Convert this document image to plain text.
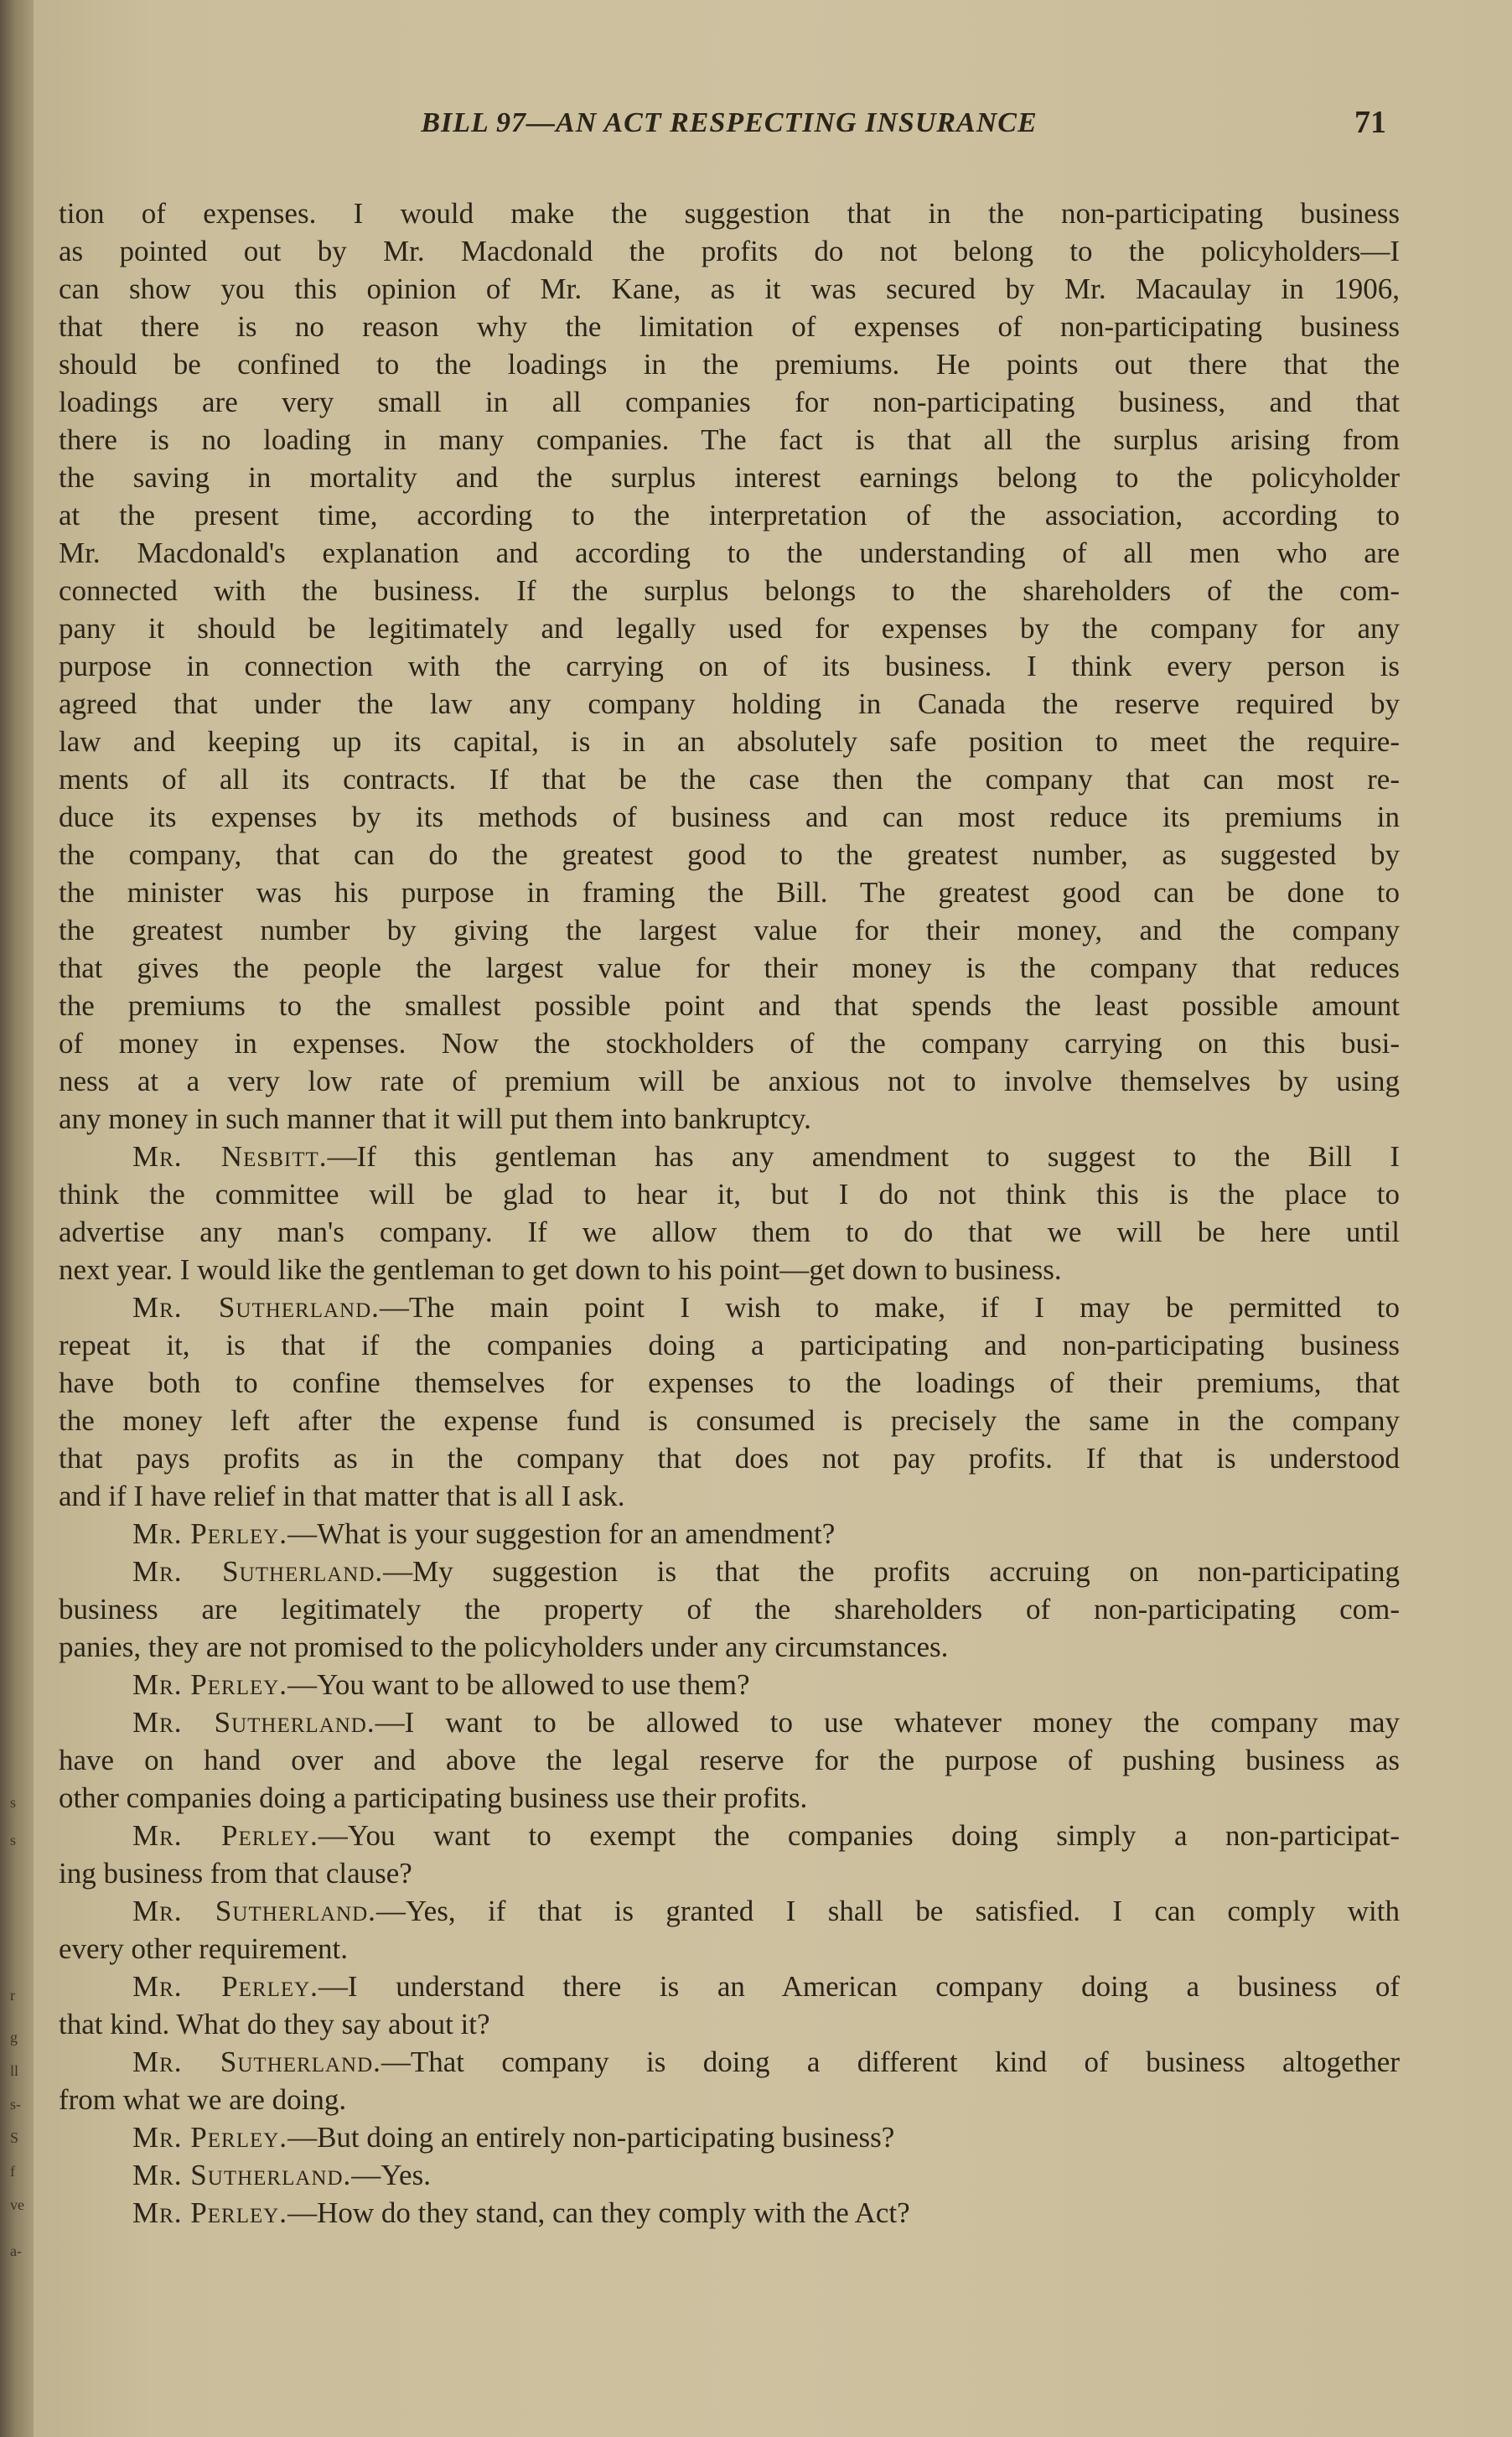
s
s
r
g
ll
s-
S
f
ve
a-
BILL 97—AN ACT RESPECTING INSURANCE	71
tion of expenses. I would make the suggestion that in the non-participating business
as pointed out by Mr. Macdonald the profits do not belong to the policyholders—I
can show you this opinion of Mr. Kane, as it was secured by Mr. Macaulay in 1906,
that there is no reason why the limitation of expenses of non-participating business
should be confined to the loadings in the premiums. He points out there that the
loadings are very small in all companies for non-participating business, and that
there is no loading in many companies. The fact is that all the surplus arising from
the saving in mortality and the surplus interest earnings belong to the policyholder
at the present time, according to the interpretation of the association, according to
Mr. Macdonald's explanation and according to the understanding of all men who are
connected with the business. If the surplus belongs to the shareholders of the com-
pany it should be legitimately and legally used for expenses by the company for any
purpose in connection with the carrying on of its business. I think every person is
agreed that under the law any company holding in Canada the reserve required by
law and keeping up its capital, is in an absolutely safe position to meet the require-
ments of all its contracts. If that be the case then the company that can most re-
duce its expenses by its methods of business and can most reduce its premiums in
the company, that can do the greatest good to the greatest number, as suggested by
the minister was his purpose in framing the Bill. The greatest good can be done to
the greatest number by giving the largest value for their money, and the company
that gives the people the largest value for their money is the company that reduces
the premiums to the smallest possible point and that spends the least possible amount
of money in expenses. Now the stockholders of the company carrying on this busi-
ness at a very low rate of premium will be anxious not to involve themselves by using
any money in such manner that it will put them into bankruptcy.
Mr. Nesbitt.—If this gentleman has any amendment to suggest to the Bill I
think the committee will be glad to hear it, but I do not think this is the place to
advertise any man's company. If we allow them to do that we will be here until
next year. I would like the gentleman to get down to his point—get down to business.
Mr. Sutherland.—The main point I wish to make, if I may be permitted to
repeat it, is that if the companies doing a participating and non-participating business
have both to confine themselves for expenses to the loadings of their premiums, that
the money left after the expense fund is consumed is precisely the same in the company
that pays profits as in the company that does not pay profits. If that is understood
and if I have relief in that matter that is all I ask.
Mr. Perley.—What is your suggestion for an amendment?
Mr. Sutherland.—My suggestion is that the profits accruing on non-participating
business are legitimately the property of the shareholders of non-participating com-
panies, they are not promised to the policyholders under any circumstances.
Mr. Perley.—You want to be allowed to use them?
Mr. Sutherland.—I want to be allowed to use whatever money the company may
have on hand over and above the legal reserve for the purpose of pushing business as
other companies doing a participating business use their profits.
Mr. Perley.—You want to exempt the companies doing simply a non-participat-
ing business from that clause?
Mr. Sutherland.—Yes, if that is granted I shall be satisfied. I can comply with
every other requirement.
Mr. Perley.—I understand there is an American company doing a business of
that kind. What do they say about it?
Mr. Sutherland.—That company is doing a different kind of business altogether
from what we are doing.
Mr. Perley.—But doing an entirely non-participating business?
Mr. Sutherland.—Yes.
Mr. Perley.—How do they stand, can they comply with the Act?
